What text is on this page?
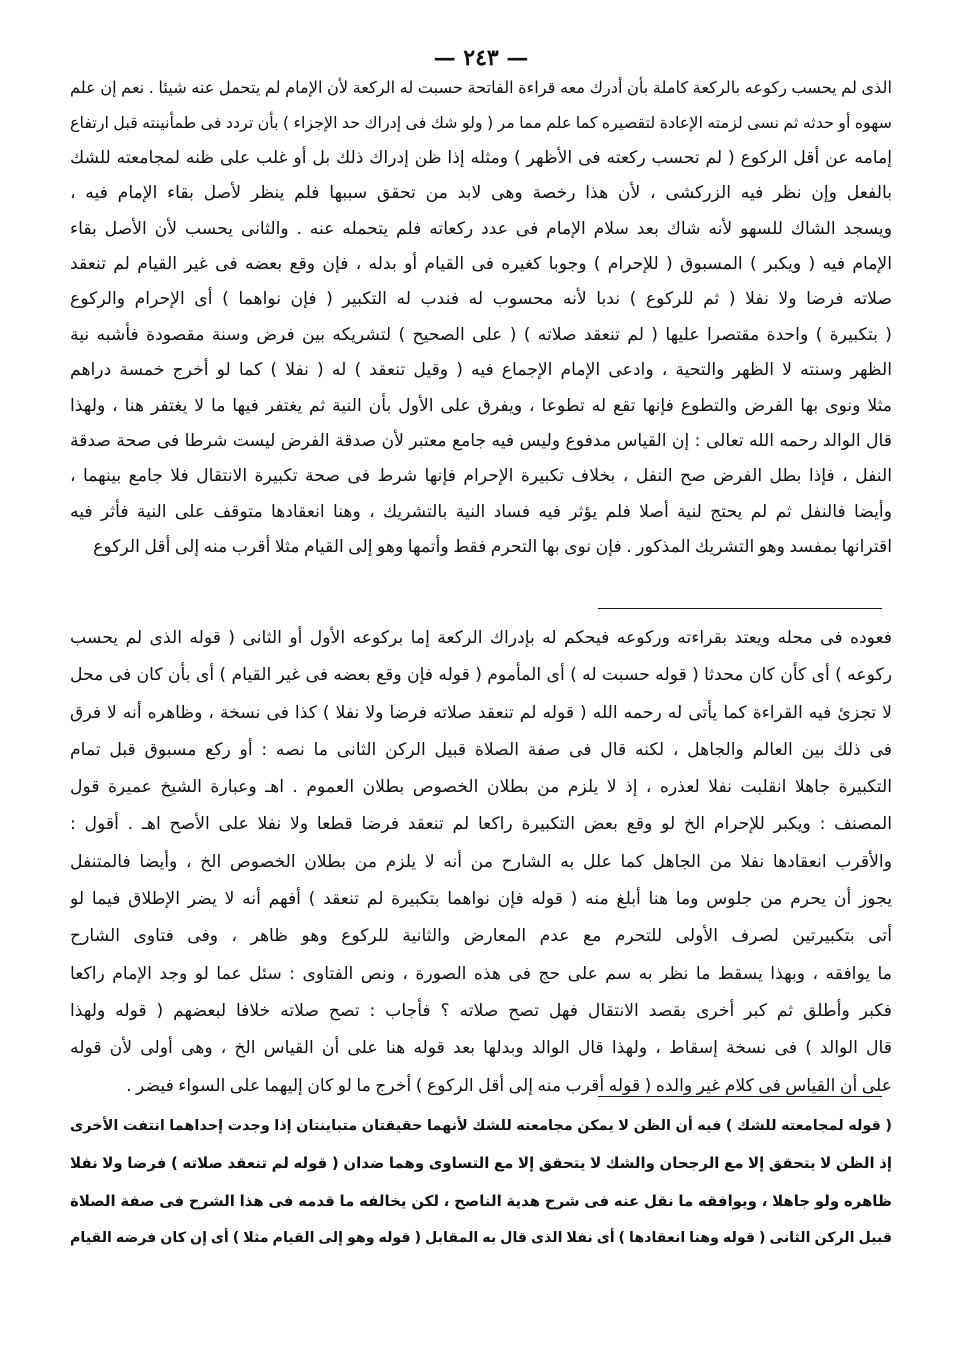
— ٢٤٣ —
الذى لم يحسب ركوعه بالركعة كاملة بأن أدرك معه قراءة الفاتحة حسبت له الركعة لأن الإمام لم يتحمل عنه شيئا . نعم إن علم
سهوه أو حدثه ثم نسى لزمته الإعادة لتقصيره كما علم مما مر ( ولو شك فى إدراك حد الإجزاء ) بأن تردد فى طمأنينته قبل ارتفاع
إمامه عن أقل الركوع ( لم تحسب ركعته فى الأظهر ) ومثله إذا ظن إدراك ذلك بل أو غلب على ظنه لمجامعته للشك
بالفعل وإن نظر فيه الزركشى ، لأن هذا رخصة وهى لابد من تحقق سببها فلم ينظر لأصل بقاء الإمام فيه ،
ويسجد الشاك للسهو لأنه شاك بعد سلام الإمام فى عدد ركعاته فلم يتحمله عنه . والثانى يحسب لأن الأصل بقاء
الإمام فيه ( ويكبر ) المسبوق ( للإحرام ) وجوبا كغيره فى القيام أو بدله ، فإن وقع بعضه فى غير القيام لم تنعقد
صلاته فرضا ولا نفلا ( ثم للركوع ) ندبا لأنه محسوب له فندب له التكبير ( فإن نواهما ) أى الإحرام والركوع
( بتكبيرة ) واحدة مقتصرا عليها ( لم تنعقد صلاته ) ( على الصحيح ) لتشريكه بين فرض وسنة مقصودة فأشبه نية
الظهر وسنته لا الظهر والتحية ، وادعى الإمام الإجماع فيه ( وقيل تنعقد ) له ( نفلا ) كما لو أخرج خمسة دراهم
مثلا ونوى بها الفرض والتطوع فإنها تقع له تطوعا ، ويفرق على الأول بأن النية ثم يغتفر فيها ما لا يغتفر هنا ، ولهذا
قال الوالد رحمه الله تعالى : إن القياس مدفوع وليس فيه جامع معتبر لأن صدقة الفرض ليست شرطا فى صحة صدقة
النفل ، فإذا بطل الفرض صح النفل ، بخلاف تكبيرة الإحرام فإنها شرط فى صحة تكبيرة الانتقال فلا جامع بينهما ،
وأيضا فالنفل ثم لم يحتج لنية أصلا فلم يؤثر فيه فساد النية بالتشريك ، وهنا انعقادها متوقف على النية فأثر فيه
اقترانها بمفسد وهو التشريك المذكور . فإن نوى بها التحرم فقط وأتمها وهو إلى القيام مثلا أقرب منه إلى أقل الركوع
فعوده فى محله ويعتد بقراءته وركوعه فيحكم له بإدراك الركعة إما بركوعه الأول أو الثانى ( قوله الذى لم يحسب
ركوعه ) أى كأن كان محدثا ( قوله حسبت له ) أى المأموم ( قوله فإن وقع بعضه فى غير القيام ) أى بأن كان فى محل
لا تجزئ فيه القراءة كما يأتى له رحمه الله ( قوله لم تنعقد صلاته فرضا ولا نفلا ) كذا فى نسخة ، وظاهره أنه لا فرق
فى ذلك بين العالم والجاهل ، لكنه قال فى صفة الصلاة قبيل الركن الثانى ما نصه : أو ركع مسبوق قبل تمام
التكبيرة جاهلا انقلبت نفلا لعذره ، إذ لا يلزم من بطلان الخصوص بطلان العموم . اهـ وعبارة الشيخ عميرة قول
المصنف : ويكبر للإحرام الخ لو وقع بعض التكبيرة راكعا لم تنعقد فرضا قطعا ولا نفلا على الأصح اهـ . أقول :
والأقرب انعقادها نفلا من الجاهل كما علل به الشارح من أنه لا يلزم من بطلان الخصوص الخ ، وأيضا فالمتنفل
يجوز أن يحرم من جلوس وما هنا أبلغ منه ( قوله فإن نواهما بتكبيرة لم تنعقد ) أفهم أنه لا يضر الإطلاق فيما لو
أتى بتكبيرتين لصرف الأولى للتحرم مع عدم المعارض والثانية للركوع وهو ظاهر ، وفى فتاوى الشارح
ما يوافقه ، وبهذا يسقط ما نظر به سم على حج فى هذه الصورة ، ونص الفتاوى : سئل عما لو وجد الإمام راكعا
فكبر وأطلق ثم كبر أخرى بقصد الانتقال فهل تصح صلاته ؟ فأجاب : تصح صلاته خلافا لبعضهم ( قوله ولهذا
قال الوالد ) فى نسخة إسقاط ، ولهذا قال الوالد وبدلها بعد قوله هنا على أن القياس الخ ، وهى أولى لأن قوله
على أن القياس فى كلام غير والده ( قوله أقرب منه إلى أقل الركوع ) أخرج ما لو كان إليهما على السواء فيضر .
( قوله لمجامعته للشك ) فيه أن الظن لا يمكن مجامعته للشك لأنهما حقيقتان متباينتان إذا وجدت إحداهما انتفت الأخرى
إذ الظن لا يتحقق إلا مع الرجحان والشك لا يتحقق إلا مع التساوى وهما ضدان ( قوله لم تنعقد صلاته ) فرضا ولا نفلا
ظاهره ولو جاهلا ، ويوافقه ما نقل عنه فى شرح هدية الناصح ، لكن يخالفه ما قدمه فى هذا الشرح فى صفة الصلاة
قبيل الركن الثانى ( قوله وهنا انعقادها ) أى نفلا الذى قال به المقابل ( قوله وهو إلى القيام مثلا ) أى إن كان فرضه القيام
